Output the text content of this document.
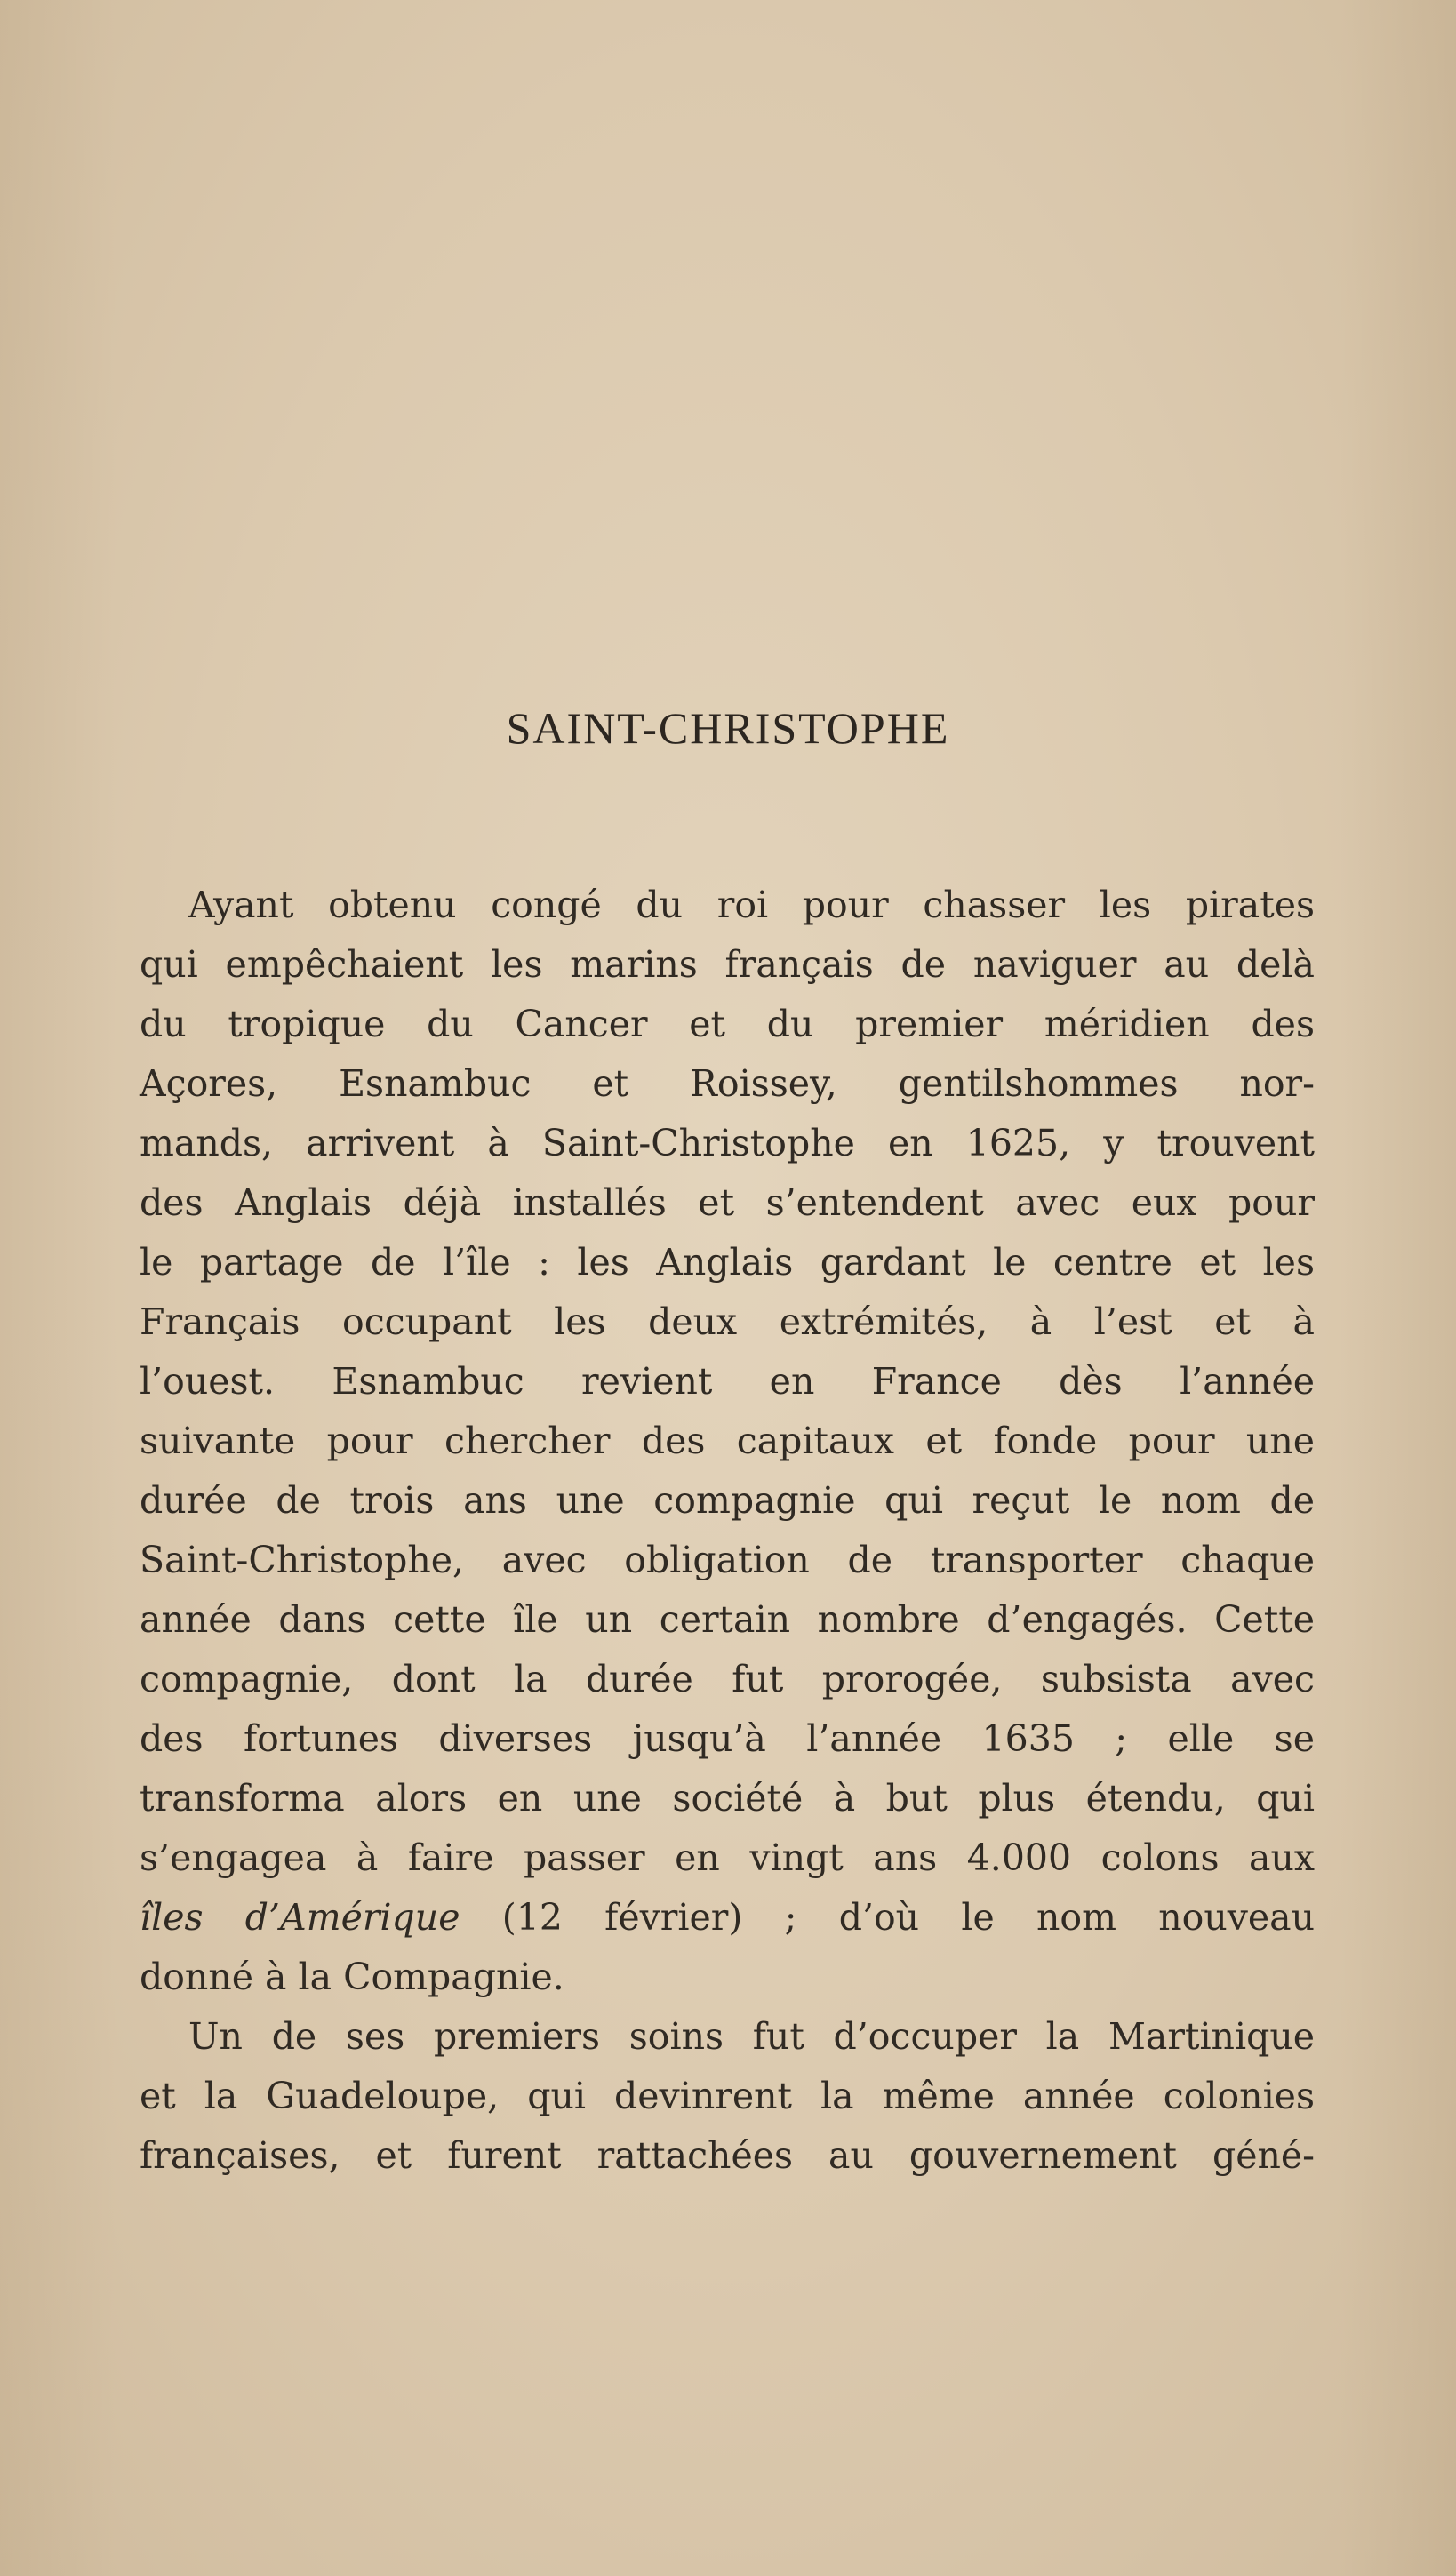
SAINT-CHRISTOPHE
Ayant obtenu congé du roi pour chasser les pirates
qui empêchaient les marins français de naviguer au delà
du tropique du Cancer et du premier méridien des
Açores, Esnambuc et Roissey, gentilshommes nor-
mands, arrivent à Saint-Christophe en 1625, y trouvent
des Anglais déjà installés et s’entendent avec eux pour
le partage de l’île : les Anglais gardant le centre et les
Français occupant les deux extrémités, à l’est et à
l’ouest. Esnambuc revient en France dès l’année
suivante pour chercher des capitaux et fonde pour une
durée de trois ans une compagnie qui reçut le nom de
Saint-Christophe, avec obligation de transporter chaque
année dans cette île un certain nombre d’engagés. Cette
compagnie, dont la durée fut prorogée, subsista avec
des fortunes diverses jusqu’à l’année 1635 ; elle se
transforma alors en une société à but plus étendu, qui
s’engagea à faire passer en vingt ans 4.000 colons aux
îles d’Amérique (12 février) ; d’où le nom nouveau
donné à la Compagnie.
Un de ses premiers soins fut d’occuper la Martinique
et la Guadeloupe, qui devinrent la même année colonies
françaises, et furent rattachées au gouvernement géné-
